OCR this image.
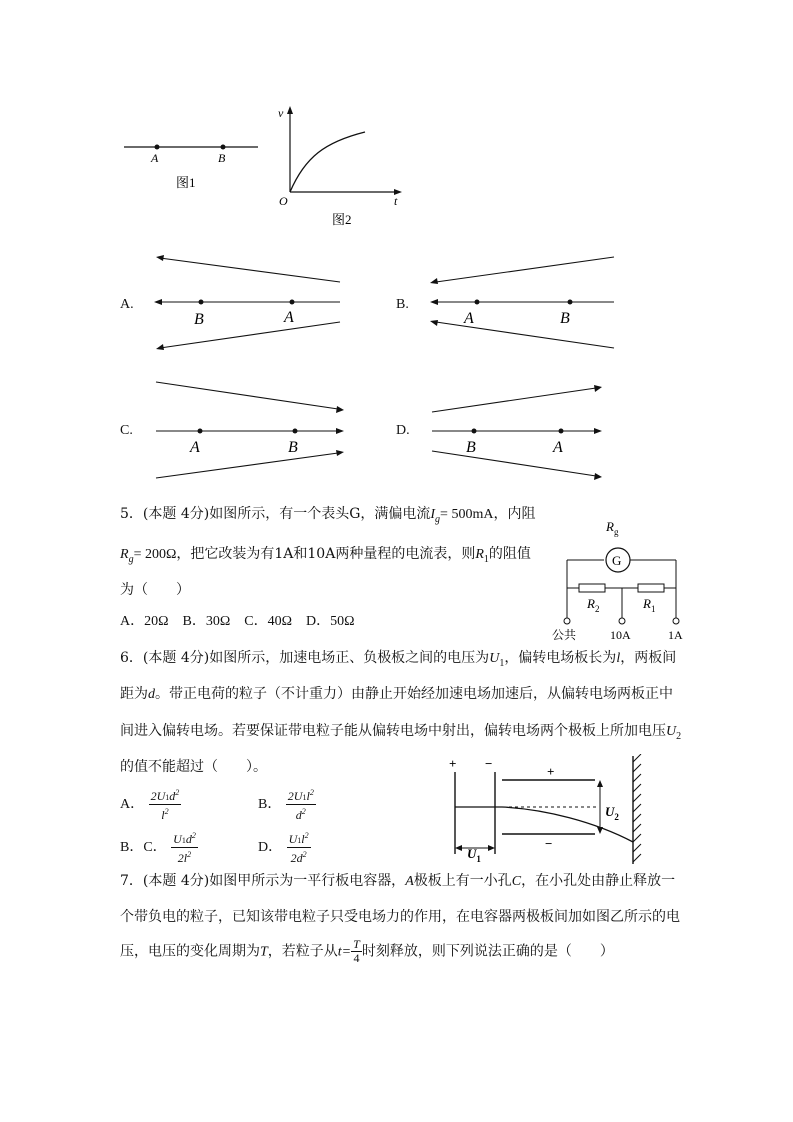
A	B
图1
v
t
O
图2
A.
B	A
B.
A	B
C.
A	B
D.
B	A
5．(本题 4分)如图所示，有一个表头G，满偏电流$I_g= 500mA$，内阻
$R_g= 200\Omega$，把它改装为有1A和10A两种量程的电流表，则$R_1$的阻值
为（　　）
A．20Ω　B．30Ω　C．40Ω　D．50Ω
$R_g$
G
$R_2$	$R_1$
公共	10A	1A
6．(本题 4分)如图所示，加速电场正、负极板之间的电压为$U_1$，偏转电场板长为l，两板间
距为d。带正电荷的粒子（不计重力）由静止开始经加速电场加速后，从偏转电场两板正中
间进入偏转电场。若要保证带电粒子能从偏转电场中射出，偏转电场两个极板上所加电压$U_2$
的值不能超过（　　）。
A． $\frac{2U1d^2}{l^2}$	B． $\frac{2U1l^2}{d^2}$
B．C． $\frac{U1d^2}{2l^2}$	D． $\frac{U1l^2}{2d^2}$
+ −
+
−
$U_2$
$U_1$
7．(本题 4分)如图甲所示为一平行板电容器，A极板上有一小孔C，在小孔处由静止释放一
个带负电的粒子，已知该带电粒子只受电场力的作用，在电容器两极板间加如图乙所示的电
压，电压的变化周期为T，若粒子从$t= \frac{T}{4}$ 时刻释放，则下列说法正确的是（　　）
